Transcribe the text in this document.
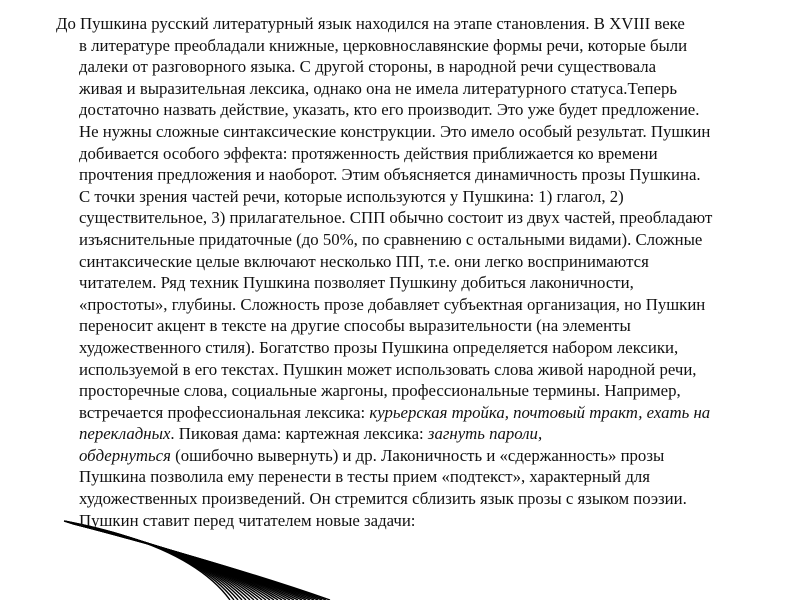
До Пушкина русский литературный язык находился на этапе становления. В XVIII веке
в литературе преобладали книжные, церковнославянские формы речи, которые были
далеки от разговорного языка. С другой стороны, в народной речи существовала
живая и выразительная лексика, однако она не имела литературного статуса.Теперь
достаточно назвать действие, указать, кто его производит. Это уже будет предложение.
Не нужны сложные синтаксические конструкции. Это имело особый результат. Пушкин
добивается особого эффекта: протяженность действия приближается ко времени
прочтения предложения и наоборот. Этим объясняется динамичность прозы Пушкина.
С точки зрения частей речи, которые используются у Пушкина: 1) глагол, 2)
существительное, 3) прилагательное. СПП обычно состоит из двух частей, преобладают
изъяснительные придаточные (до 50%, по сравнению с остальными видами). Сложные
синтаксические целые включают несколько ПП, т.е. они легко воспринимаются
читателем. Ряд техник Пушкина позволяет Пушкину добиться лаконичности,
«простоты», глубины. Сложность прозе добавляет субъектная организация, но Пушкин
переносит акцент в тексте на другие способы выразительности (на элементы
художественного стиля). Богатство прозы Пушкина определяется набором лексики,
используемой в его текстах. Пушкин может использовать слова живой народной речи,
просторечные слова, социальные жаргоны, профессиональные термины. Например,
встречается профессиональная лексика: курьерская тройка, почтовый тракт, ехать на
перекладных. Пиковая дама: картежная лексика: загнуть пароли,
обдернуться (ошибочно вывернуть) и др. Лаконичность и «сдержанность» прозы
Пушкина позволила ему перенести в тесты прием «подтекст», характерный для
художественных произведений. Он стремится сблизить язык прозы с языком поэзии.
Пушкин ставит перед читателем новые задачи:
